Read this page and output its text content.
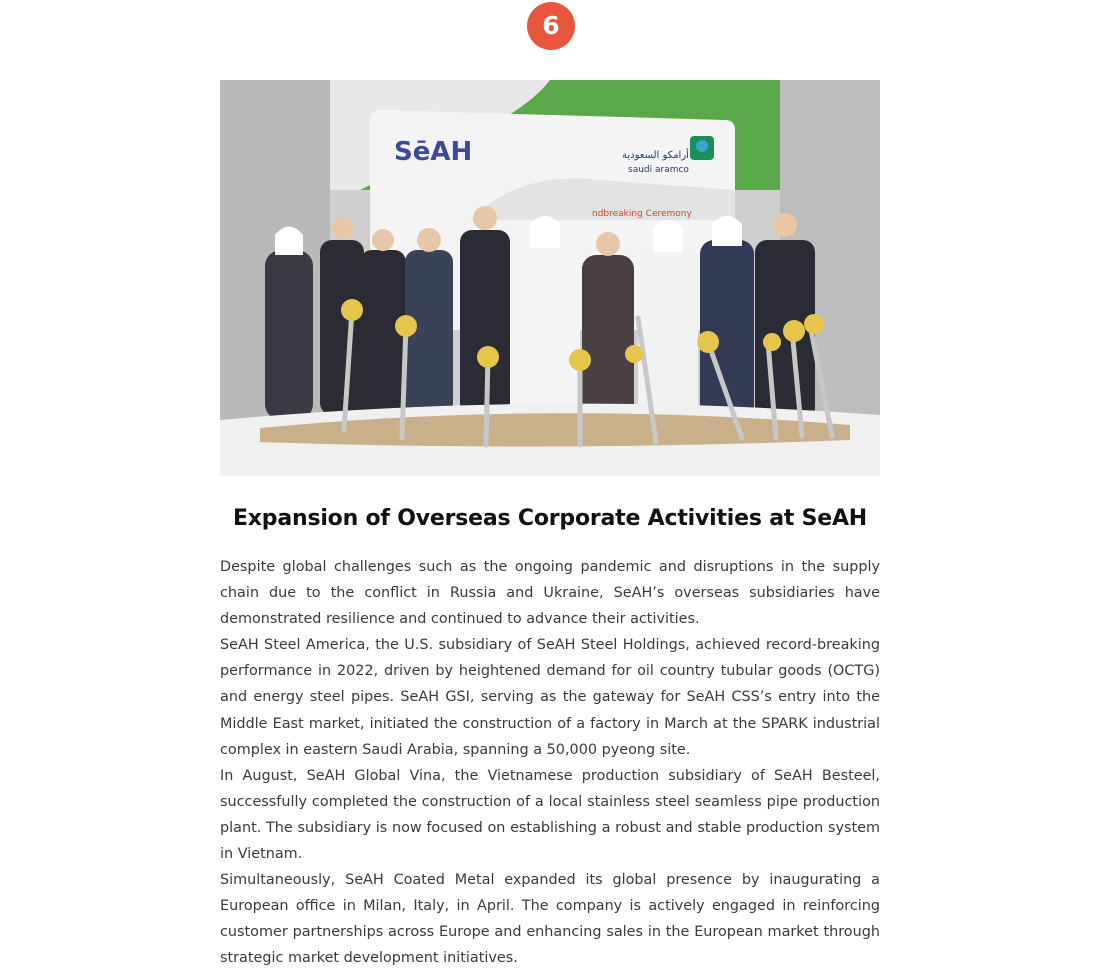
6
SēAH	أرامكو السعودية
saudi aramco
ndbreaking Ceremony
Expansion of Overseas Corporate Activities at SeAH

Despite global challenges such as the ongoing pandemic and disruptions in the supply chain due to the conflict in Russia and Ukraine, SeAH’s overseas subsidiaries have demonstrated resilience and continued to advance their activities.

SeAH Steel America, the U.S. subsidiary of SeAH Steel Holdings, achieved record-breaking performance in 2022, driven by heightened demand for oil country tubular goods (OCTG) and energy steel pipes. SeAH GSI, serving as the gateway for SeAH CSS’s entry into the Middle East market, initiated the construction of a factory in March at the SPARK industrial complex in eastern Saudi Arabia, spanning a 50,000 pyeong site.

In August, SeAH Global Vina, the Vietnamese production subsidiary of SeAH Besteel, successfully completed the construction of a local stainless steel seamless pipe production plant. The subsidiary is now focused on establishing a robust and stable production system in Vietnam.

Simultaneously, SeAH Coated Metal expanded its global presence by inaugurating a European office in Milan, Italy, in April. The company is actively engaged in reinforcing customer partnerships across Europe and enhancing sales in the European market through strategic market development initiatives.
